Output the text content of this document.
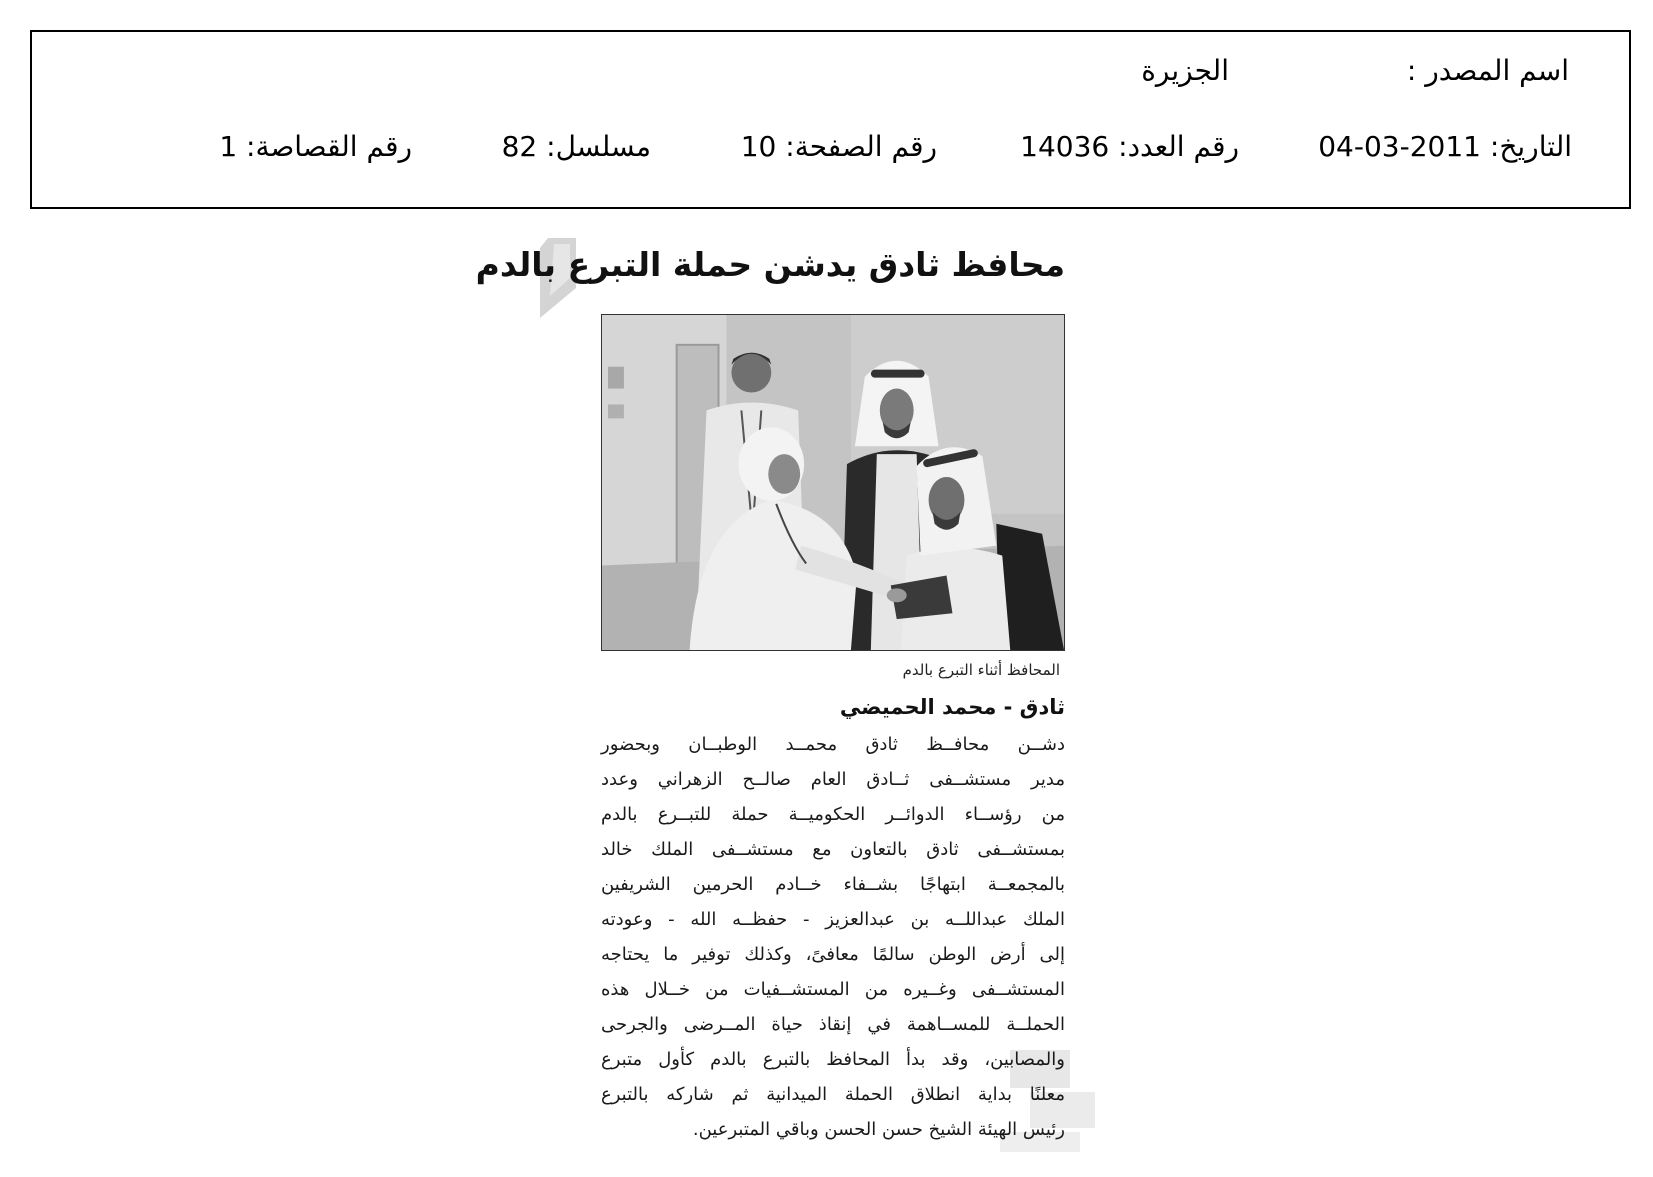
اسم المصدر :
الجزيرة
التاريخ: 2011-03-04
رقم العدد: 14036
رقم الصفحة: 10
مسلسل: 82
رقم القصاصة: 1
محافظ ثادق يدشن حملة التبرع بالدم
المحافظ أثناء التبرع بالدم
ثادق - محمد الحميضي
دشــن محافــظ ثادق محمــد الوطبــان وبحضور
مدير مستشــفى ثــادق العام صالــح الزهراني وعدد
من رؤســاء الدوائــر الحكوميــة حملة للتبــرع بالدم
بمستشــفى ثادق بالتعاون مع مستشــفى الملك خالد
بالمجمعــة ابتهاجًا بشــفاء خــادم الحرمين الشريفين
الملك عبداللــه بن عبدالعزيز - حفظــه الله - وعودته
إلى أرض الوطن سالمًا معافىً، وكذلك توفير ما يحتاجه
المستشــفى وغــيره من المستشــفيات من خــلال هذه
الحملــة للمســاهمة في إنقاذ حياة المــرضى والجرحى
والمصابين، وقد بدأ المحافظ بالتبرع بالدم كأول متبرع
معلنًا بداية انطلاق الحملة الميدانية ثم شاركه بالتبرع
رئيس الهيئة الشيخ حسن الحسن وباقي المتبرعين.
